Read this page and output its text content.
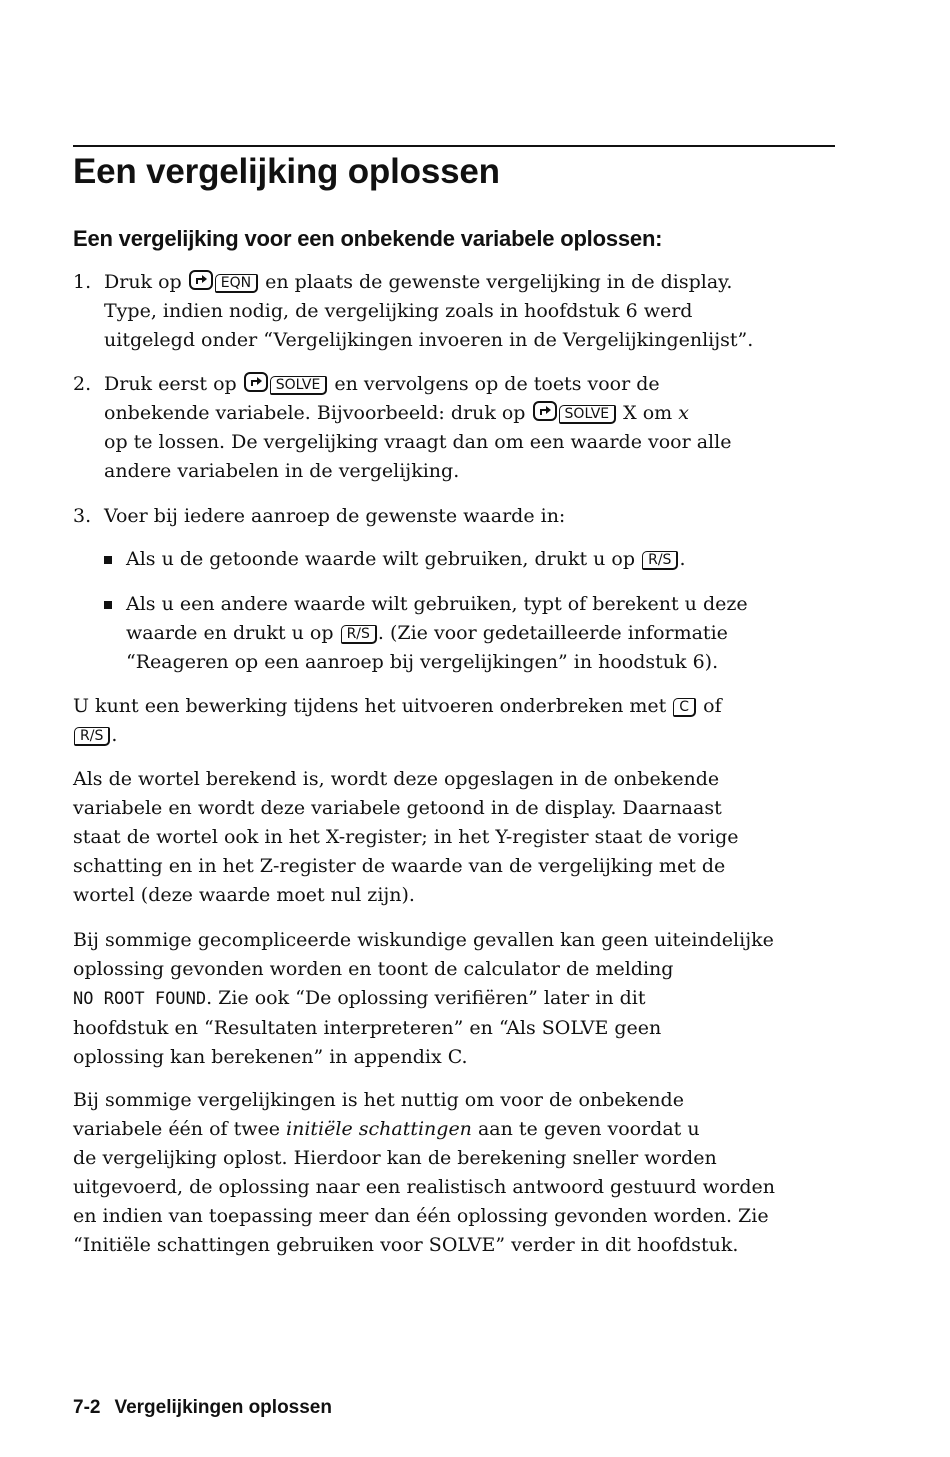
Een vergelijking oplossen
Een vergelijking voor een onbekende variabele oplossen:
1. Druk op	EQN en plaats de gewenste vergelijking in de display.
Type, indien nodig, de vergelijking zoals in hoofdstuk 6 werd
uitgelegd onder “Vergelijkingen invoeren in de Vergelijkingenlijst”.
2. Druk eerst op	SOLVE en vervolgens op de toets voor de
onbekende variabele. Bijvoorbeeld: druk op	SOLVE X om x
op te lossen. De vergelijking vraagt dan om een waarde voor alle
andere variabelen in de vergelijking.
3. Voer bij iedere aanroep de gewenste waarde in:
Als u de getoonde waarde wilt gebruiken, drukt u op R/S .
Als u een andere waarde wilt gebruiken, typt of berekent u deze
waarde en drukt u op R/S . (Zie voor gedetailleerde informatie
“Reageren op een aanroep bij vergelijkingen” in hoodstuk 6).
U kunt een bewerking tijdens het uitvoeren onderbreken met C of
R/S .
Als de wortel berekend is, wordt deze opgeslagen in de onbekende
variabele en wordt deze variabele getoond in de display. Daarnaast
staat de wortel ook in het X-register; in het Y-register staat de vorige
schatting en in het Z-register de waarde van de vergelijking met de
wortel (deze waarde moet nul zijn).
Bij sommige gecompliceerde wiskundige gevallen kan geen uiteindelijke
oplossing gevonden worden en toont de calculator de melding
NO ROOT FOUND. Zie ook “De oplossing verifiëren” later in dit
hoofdstuk en “Resultaten interpreteren” en “Als SOLVE geen
oplossing kan berekenen” in appendix C.
Bij sommige vergelijkingen is het nuttig om voor de onbekende
variabele één of twee initiële schattingen aan te geven voordat u
de vergelijking oplost. Hierdoor kan de berekening sneller worden
uitgevoerd, de oplossing naar een realistisch antwoord gestuurd worden
en indien van toepassing meer dan één oplossing gevonden worden. Zie
“Initiële schattingen gebruiken voor SOLVE” verder in dit hoofdstuk.
7-2 Vergelijkingen oplossen
